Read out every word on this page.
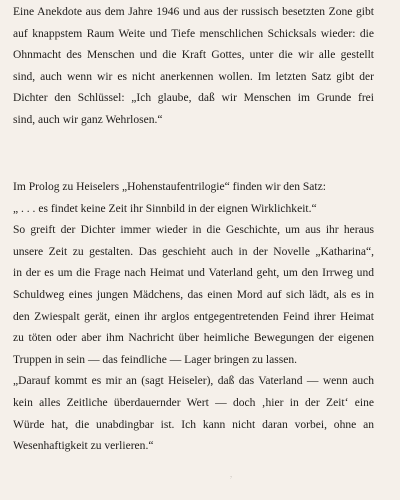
Eine Anekdote aus dem Jahre 1946 und aus der russisch besetzten Zone gibt
auf knappstem Raum Weite und Tiefe menschlichen Schicksals wieder: die
Ohnmacht des Menschen und die Kraft Gottes, unter die wir alle gestellt
sind, auch wenn wir es nicht anerkennen wollen. Im letzten Satz gibt der
Dichter den Schlüssel: „Ich glaube, daß wir Menschen im Grunde frei
sind, auch wir ganz Wehrlosen.“
Im Prolog zu Heiselers „Hohenstaufentrilogie“ finden wir den Satz:
„ . . . es findet keine Zeit ihr Sinnbild in der eignen Wirklichkeit.“
So greift der Dichter immer wieder in die Geschichte, um aus ihr heraus
unsere Zeit zu gestalten. Das geschieht auch in der Novelle „Katharina“,
in der es um die Frage nach Heimat und Vaterland geht, um den Irrweg und
Schuldweg eines jungen Mädchens, das einen Mord auf sich lädt, als es in
den Zwiespalt gerät, einen ihr arglos entgegentretenden Feind ihrer Heimat
zu töten oder aber ihm Nachricht über heimliche Bewegungen der eigenen
Truppen in sein — das feindliche — Lager bringen zu lassen.
„Darauf kommt es mir an (sagt Heiseler), daß das Vaterland — wenn auch
kein alles Zeitliche überdauernder Wert — doch ‚hier in der Zeit‘ eine
Würde hat, die unabdingbar ist. Ich kann nicht daran vorbei, ohne an
Wesenhaftigkeit zu verlieren.“
7
